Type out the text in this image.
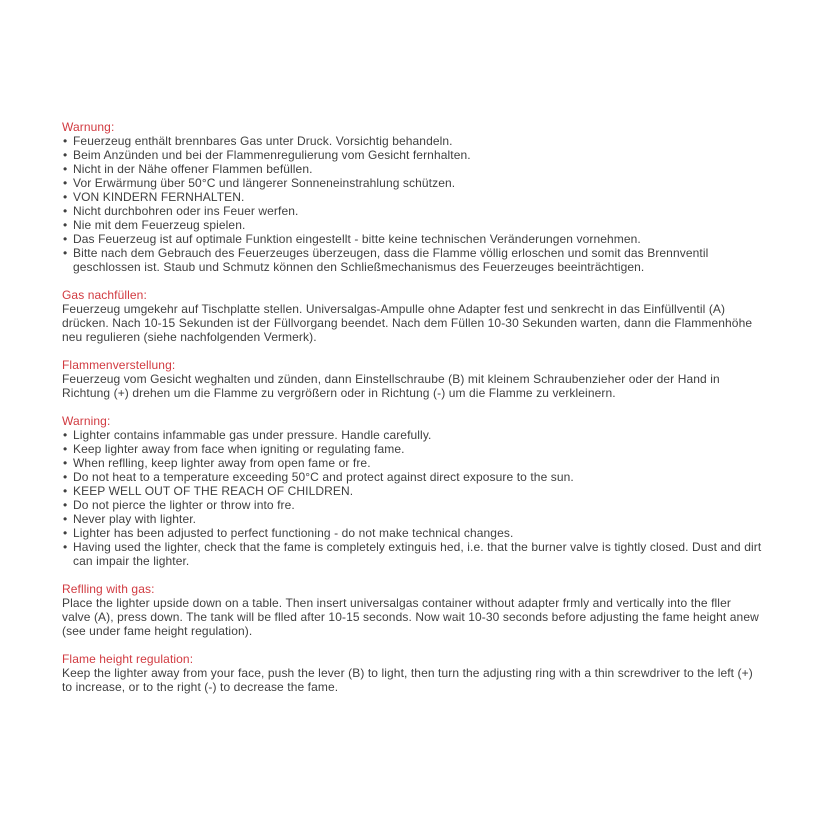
Warnung:
• Feuerzeug enthält brennbares Gas unter Druck. Vorsichtig behandeln.
• Beim Anzünden und bei der Flammenregulierung vom Gesicht fernhalten.
• Nicht in der Nähe offener Flammen befüllen.
• Vor Erwärmung über 50°C und längerer Sonneneinstrahlung schützen.
• VON KINDERN FERNHALTEN.
• Nicht durchbohren oder ins Feuer werfen.
• Nie mit dem Feuerzeug spielen.
• Das Feuerzeug ist auf optimale Funktion eingestellt - bitte keine technischen Veränderungen vornehmen.
• Bitte nach dem Gebrauch des Feuerzeuges überzeugen, dass die Flamme völlig erloschen und somit das Brennventil geschlossen ist. Staub und Schmutz können den Schließmechanismus des Feuerzeuges beeinträchtigen.
Gas nachfüllen:

Feuerzeug umgekehr auf Tischplatte stellen. Universalgas-Ampulle ohne Adapter fest und senkrecht in das Einfüllventil (A) drücken. Nach 10-15 Sekunden ist der Füllvorgang beendet. Nach dem Füllen 10-30 Sekunden warten, dann die Flammenhöhe neu regulieren (siehe nachfolgenden Vermerk).

Flammenverstellung:

Feuerzeug vom Gesicht weghalten und zünden, dann Einstellschraube (B) mit kleinem Schraubenzieher oder der Hand in Richtung (+) drehen um die Flamme zu vergrößern oder in Richtung (-) um die Flamme zu verkleinern.

Warning:
• Lighter contains infammable gas under pressure. Handle carefully.
• Keep lighter away from face when igniting or regulating fame.
• When reflling, keep lighter away from open fame or fre.
• Do not heat to a temperature exceeding 50°C and protect against direct exposure to the sun.
• KEEP WELL OUT OF THE REACH OF CHILDREN.
• Do not pierce the lighter or throw into fre.
• Never play with lighter.
• Lighter has been adjusted to perfect functioning - do not make technical changes.
• Having used the lighter, check that the fame is completely extinguis hed, i.e. that the burner valve is tightly closed. Dust and dirt can impair the lighter.
Reflling with gas:

Place the lighter upside down on a table. Then insert universalgas container without adapter frmly and vertically into the fller valve (A), press down. The tank will be flled after 10-15 seconds. Now wait 10-30 seconds before adjusting the fame height anew (see under fame height regulation).

Flame height regulation:

Keep the lighter away from your face, push the lever (B) to light, then turn the adjusting ring with a thin screwdriver to the left (+) to increase, or to the right (-) to decrease the fame.
